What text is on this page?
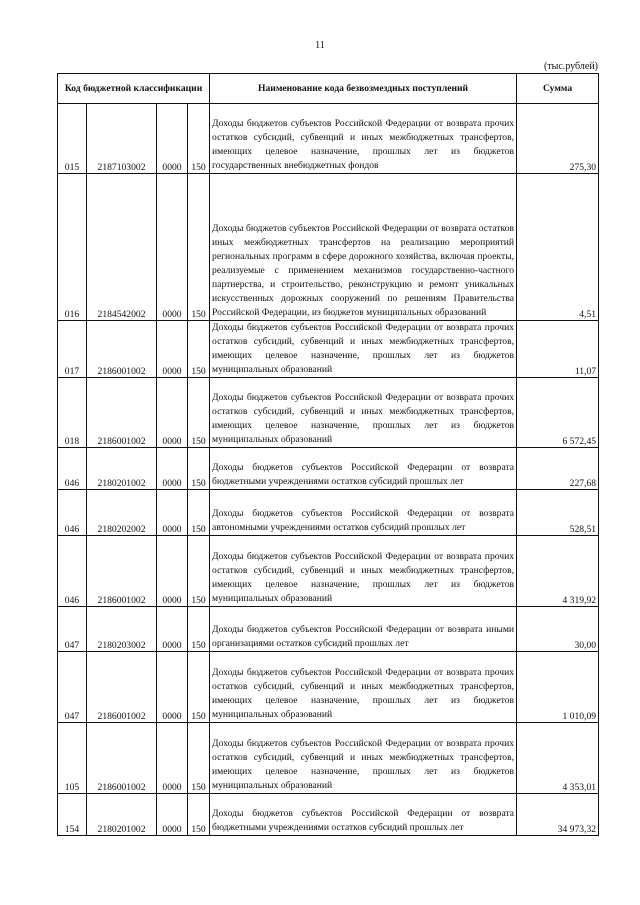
11
(тыс.рублей)
Код бюджетной классификации				Наименование кода безвозмездных поступлений	Сумма
015	2187103002	0000	150	Доходы бюджетов субъектов Российской Федерации от возврата прочих остатков субсидий, субвенций и иных межбюджетных трансфертов, имеющих целевое назначение, прошлых лет из бюджетов государственных внебюджетных фондов	275,30
016	2184542002	0000	150	Доходы бюджетов субъектов Российской Федерации от возврата остатков иных межбюджетных трансфертов на реализацию мероприятий региональных программ в сфере дорожного хозяйства, включая проекты, реализуемые с применением механизмов государственно-частного партнерства, и строительство, реконструкцию и ремонт уникальных искусственных дорожных сооружений по решениям Правительства Российской Федерации, из бюджетов муниципальных образований	4,51
017	2186001002	0000	150	Доходы бюджетов субъектов Российской Федерации от возврата прочих остатков субсидий, субвенций и иных межбюджетных трансфертов, имеющих целевое назначение, прошлых лет из бюджетов муниципальных образований	11,07
018	2186001002	0000	150	Доходы бюджетов субъектов Российской Федерации от возврата прочих остатков субсидий, субвенций и иных межбюджетных трансфертов, имеющих целевое назначение, прошлых лет из бюджетов муниципальных образований	6 572,45
046	2180201002	0000	150	Доходы бюджетов субъектов Российской Федерации от возврата бюджетными учреждениями остатков субсидий прошлых лет	227,68
046	2180202002	0000	150	Доходы бюджетов субъектов Российской Федерации от возврата автономными учреждениями остатков субсидий прошлых лет	528,51
046	2186001002	0000	150	Доходы бюджетов субъектов Российской Федерации от возврата прочих остатков субсидий, субвенций и иных межбюджетных трансфертов, имеющих целевое назначение, прошлых лет из бюджетов муниципальных образований	4 319,92
047	2180203002	0000	150	Доходы бюджетов субъектов Российской Федерации от возврата иными организациями остатков субсидий прошлых лет	30,00
047	2186001002	0000	150	Доходы бюджетов субъектов Российской Федерации от возврата прочих остатков субсидий, субвенций и иных межбюджетных трансфертов, имеющих целевое назначение, прошлых лет из бюджетов муниципальных образований	1 010,09
105	2186001002	0000	150	Доходы бюджетов субъектов Российской Федерации от возврата прочих остатков субсидий, субвенций и иных межбюджетных трансфертов, имеющих целевое назначение, прошлых лет из бюджетов муниципальных образований	4 353,01
154	2180201002	0000	150	Доходы бюджетов субъектов Российской Федерации от возврата бюджетными учреждениями остатков субсидий прошлых лет	34 973,32
